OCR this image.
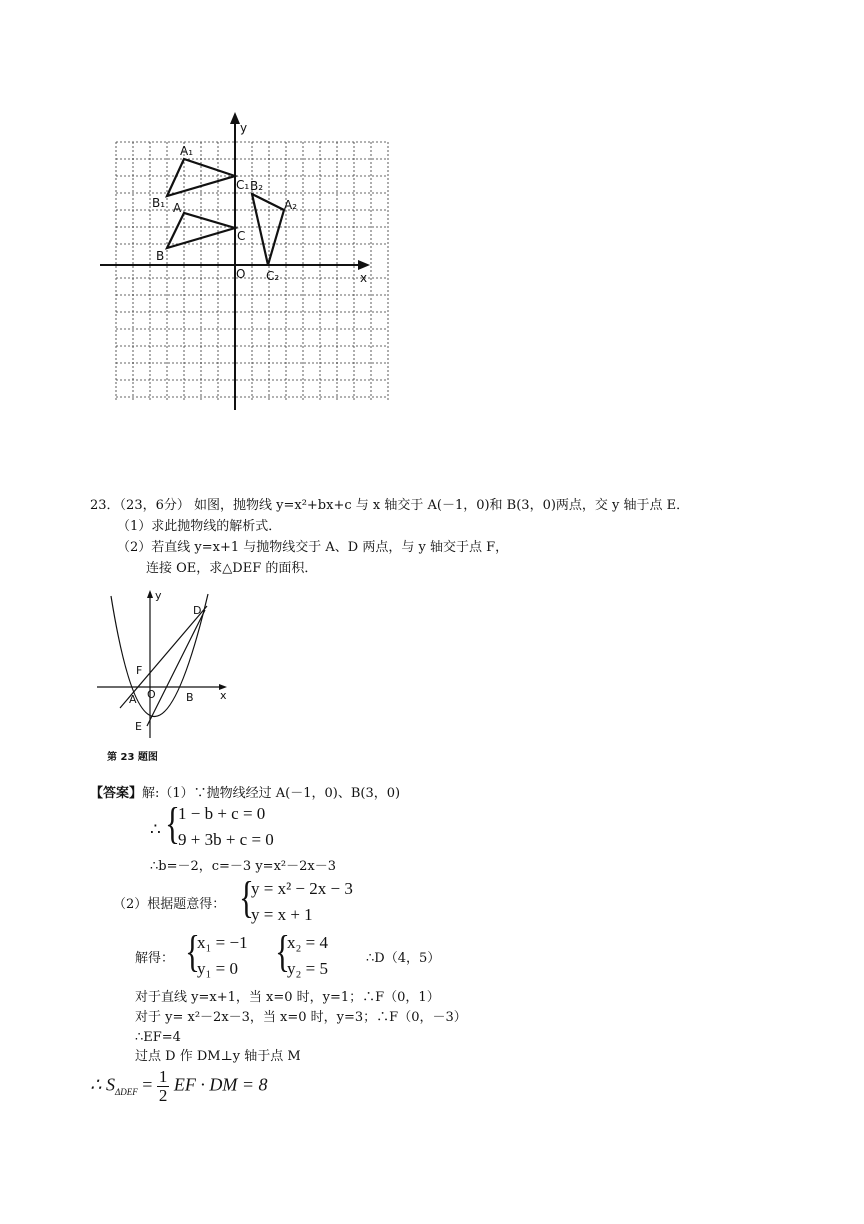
y
x
O
A₁
B₁
C₁
A
B
C
B₂
A₂
C₂
23．（23，6分） 如图，抛物线 y=x²+bx+c 与 x 轴交于 A(－1，0)和 B(3，0)两点，交 y 轴于点 E．
（1）求此抛物线的解析式．
（2）若直线 y=x+1 与抛物线交于 A、D 两点，与 y 轴交于点 F，
连接 OE，求△DEF 的面积．
y
x
D
F
O
A	B
E
第 23 题图
【答案】解:（1）∵抛物线经过 A(－1，0)、B(3，0)
∴ {
1 − b + c = 0
9 + 3b + c = 0
∴b=－2，c=－3 y=x²－2x－3
（2）根据题意得： {
y = x² − 2x − 3
y = x + 1
解得： {
x₁ = −1
y₁ = 0 {
x₂ = 4
y₂ = 5
∴D（4，5）
对于直线 y=x+1，当 x=0 时，y=1；∴F（0，1）
对于 y= x²－2x－3，当 x=0 时，y=3；∴F（0，－3）
∴EF=4
过点 D 作 DM⊥y 轴于点 M
∴ $S_{\Delta DEF} = \frac{1}{2}$ EF · DM = 8
